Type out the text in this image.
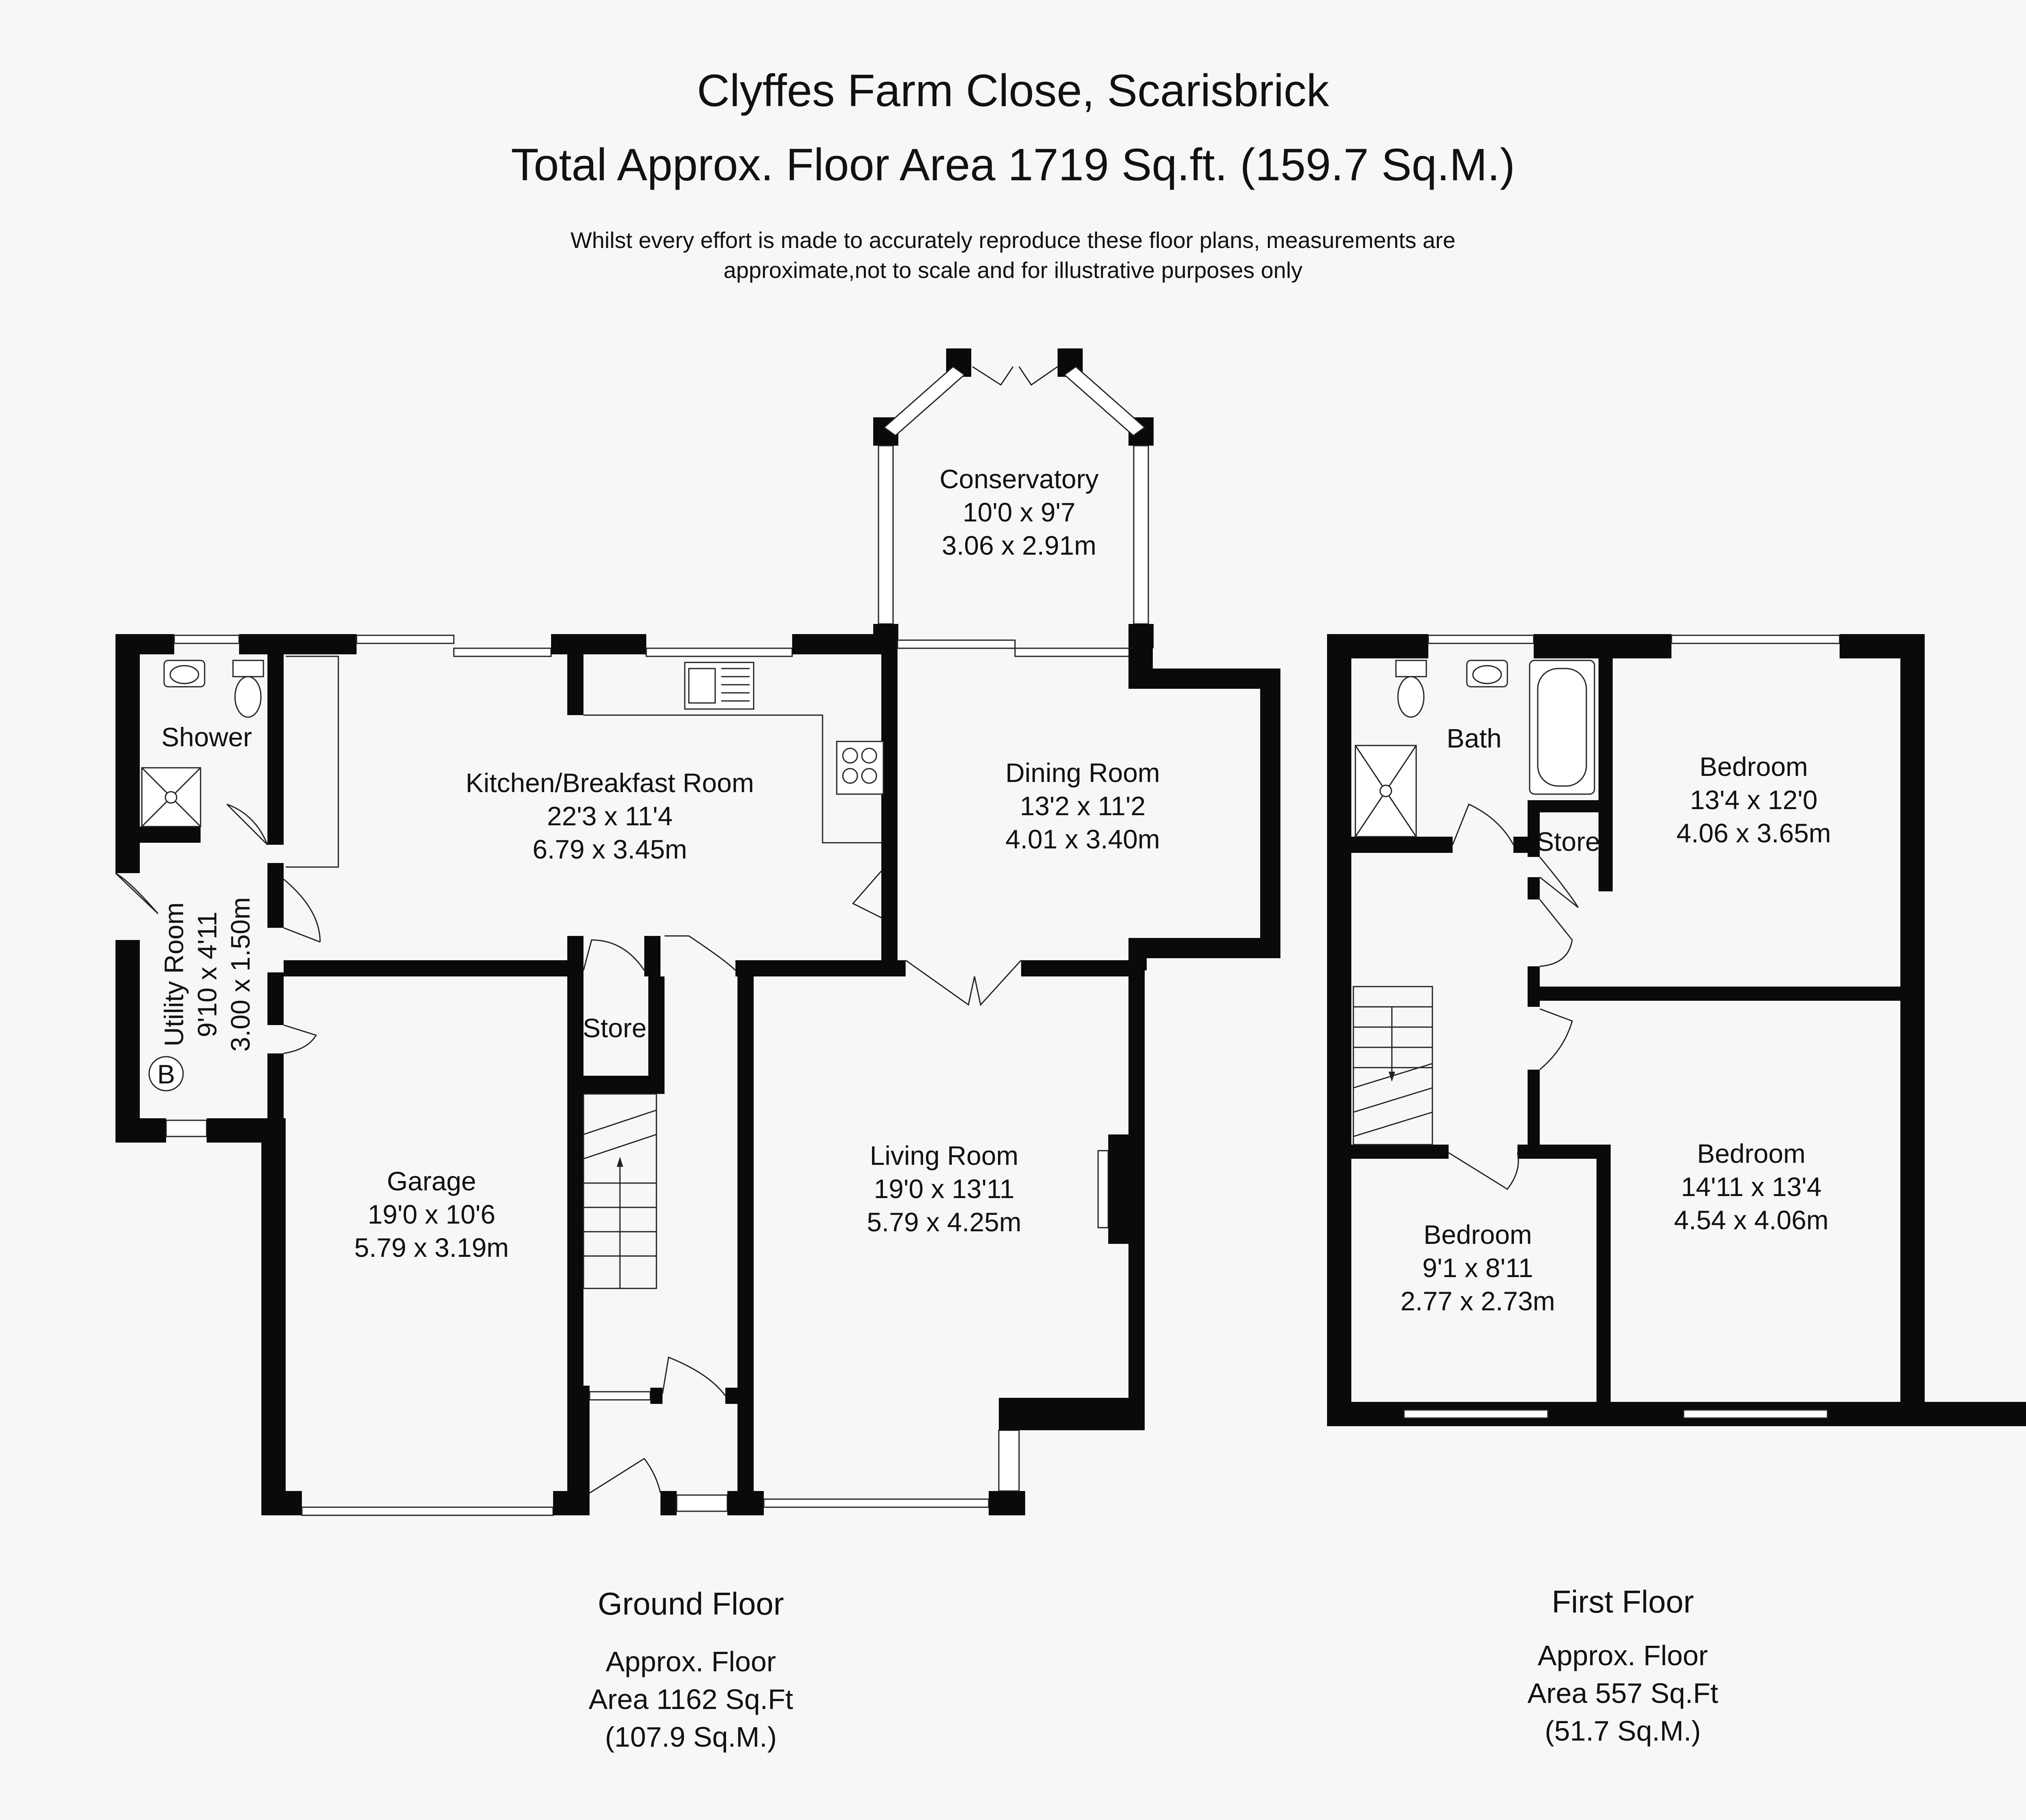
Clyffes Farm Close, Scarisbrick
Total Approx. Floor Area 1719 Sq.ft. (159.7 Sq.M.)
Whilst every effort is made to accurately reproduce these floor plans, measurements are
approximate,not to scale and for illustrative purposes only
B
Conservatory
10'0 x 9'7
3.06 x 2.91m
Kitchen/Breakfast Room
22'3 x 11'4
6.79 x 3.45m
Dining Room
13'2 x 11'2
4.01 x 3.40m
Shower
Utility Room 9'10 x 4'11 3.00 x 1.50m	Store
Garage
19'0 x 10'6
5.79 x 3.19m
Living Room
19'0 x 13'11
5.79 x 4.25m
Ground Floor
Approx. Floor
Area 1162 Sq.Ft
(107.9 Sq.M.)
Bath
Store
Bedroom
13'4 x 12'0
4.06 x 3.65m
Bedroom
14'11 x 13'4
4.54 x 4.06m
Bedroom
9'1 x 8'11
2.77 x 2.73m
First Floor
Approx. Floor
Area 557 Sq.Ft
(51.7 Sq.M.)
